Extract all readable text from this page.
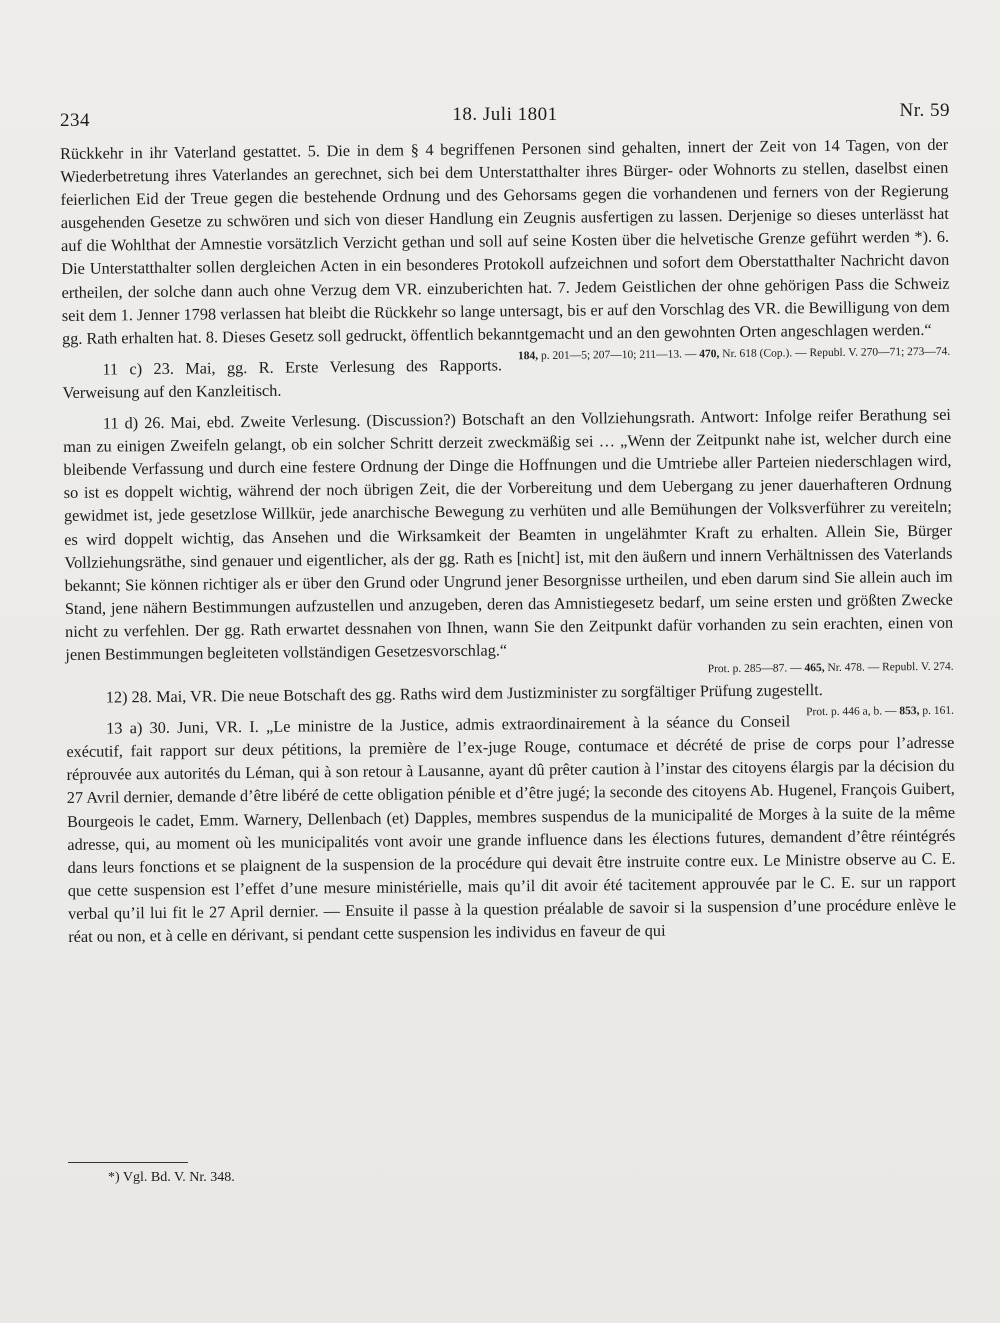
234	18. Juli 1801	Nr. 59

Rückkehr in ihr Vaterland gestattet. 5. Die in dem § 4 begriffenen Personen sind gehalten, innert der Zeit von 14 Tagen, von der Wiederbetretung ihres Vaterlandes an gerechnet, sich bei dem Unterstatthalter ihres Bürger- oder Wohnorts zu stellen, daselbst einen feierlichen Eid der Treue gegen die bestehende Ordnung und des Gehorsams gegen die vorhandenen und ferners von der Regierung ausgehenden Gesetze zu schwören und sich von dieser Handlung ein Zeugnis ausfertigen zu lassen. Derjenige so dieses unterlässt hat auf die Wohlthat der Amnestie vorsätzlich Verzicht gethan und soll auf seine Kosten über die helvetische Grenze geführt werden *). 6. Die Unterstatthalter sollen dergleichen Acten in ein besonderes Protokoll aufzeichnen und sofort dem Oberstatthalter Nachricht davon ertheilen, der solche dann auch ohne Verzug dem VR. einzuberichten hat. 7. Jedem Geistlichen der ohne gehörigen Pass die Schweiz seit dem 1. Jenner 1798 verlassen hat bleibt die Rückkehr so lange untersagt, bis er auf den Vorschlag des VR. die Bewilligung von dem gg. Rath erhalten hat. 8. Dieses Gesetz soll gedruckt, öffentlich bekanntgemacht und an den gewohnten Orten angeschlagen werden.“
184, p. 201—5; 207—10; 211—13. — 470, Nr. 618 (Cop.). — Republ. V. 270—71; 273—74.

11 c) 23. Mai, gg. R. Erste Verlesung des Rapports. Verweisung auf den Kanzleitisch.

11 d) 26. Mai, ebd. Zweite Verlesung. (Discussion?) Botschaft an den Vollziehungsrath. Antwort: Infolge reifer Berathung sei man zu einigen Zweifeln gelangt, ob ein solcher Schritt derzeit zweckmäßig sei … „Wenn der Zeitpunkt nahe ist, welcher durch eine bleibende Verfassung und durch eine festere Ordnung der Dinge die Hoffnungen und die Umtriebe aller Parteien niederschlagen wird, so ist es doppelt wichtig, während der noch übrigen Zeit, die der Vorbereitung und dem Uebergang zu jener dauerhafteren Ordnung gewidmet ist, jede gesetzlose Willkür, jede anarchische Bewegung zu verhüten und alle Bemühungen der Volksverführer zu vereiteln; es wird doppelt wichtig, das Ansehen und die Wirksamkeit der Beamten in ungelähmter Kraft zu erhalten. Allein Sie, Bürger Vollziehungsräthe, sind genauer und eigentlicher, als der gg. Rath es [nicht] ist, mit den äußern und innern Verhältnissen des Vaterlands bekannt; Sie können richtiger als er über den Grund oder Ungrund jener Besorgnisse urtheilen, und eben darum sind Sie allein auch im Stand, jene nähern Bestimmungen aufzustellen und anzugeben, deren das Amnistiegesetz bedarf, um seine ersten und größten Zwecke nicht zu verfehlen. Der gg. Rath erwartet dessnahen von Ihnen, wann Sie den Zeitpunkt dafür vorhanden zu sein erachten, einen von jenen Bestimmungen begleiteten vollständigen Gesetzesvorschlag.“

Prot. p. 285—87. — 465, Nr. 478. — Republ. V. 274.

12) 28. Mai, VR. Die neue Botschaft des gg. Raths wird dem Justizminister zu sorgfältiger Prüfung zugestellt.
Prot. p. 446 a, b. — 853, p. 161.

13 a) 30. Juni, VR. I. „Le ministre de la Justice, admis extraordinairement à la séance du Conseil exécutif, fait rapport sur deux pétitions, la première de l’ex-juge Rouge, contumace et décrété de prise de corps pour l’adresse réprouvée aux autorités du Léman, qui à son retour à Lausanne, ayant dû prêter caution à l’instar des citoyens élargis par la décision du 27 Avril dernier, demande d’être libéré de cette obligation pénible et d’être jugé; la seconde des citoyens Ab. Hugenel, François Guibert, Bourgeois le cadet, Emm. Warnery, Dellenbach (et) Dapples, membres suspendus de la municipalité de Morges à la suite de la même adresse, qui, au moment où les municipalités vont avoir une grande influence dans les élections futures, demandent d’être réintégrés dans leurs fonctions et se plaignent de la suspension de la procédure qui devait être instruite contre eux. Le Ministre observe au C. E. que cette suspension est l’effet d’une mesure ministérielle, mais qu’il dit avoir été tacitement approuvée par le C. E. sur un rapport verbal qu’il lui fit le 27 April dernier. — Ensuite il passe à la question préalable de savoir si la suspension d’une procédure enlève le réat ou non, et à celle en dérivant, si pendant cette suspension les individus en faveur de qui

*) Vgl. Bd. V. Nr. 348.
